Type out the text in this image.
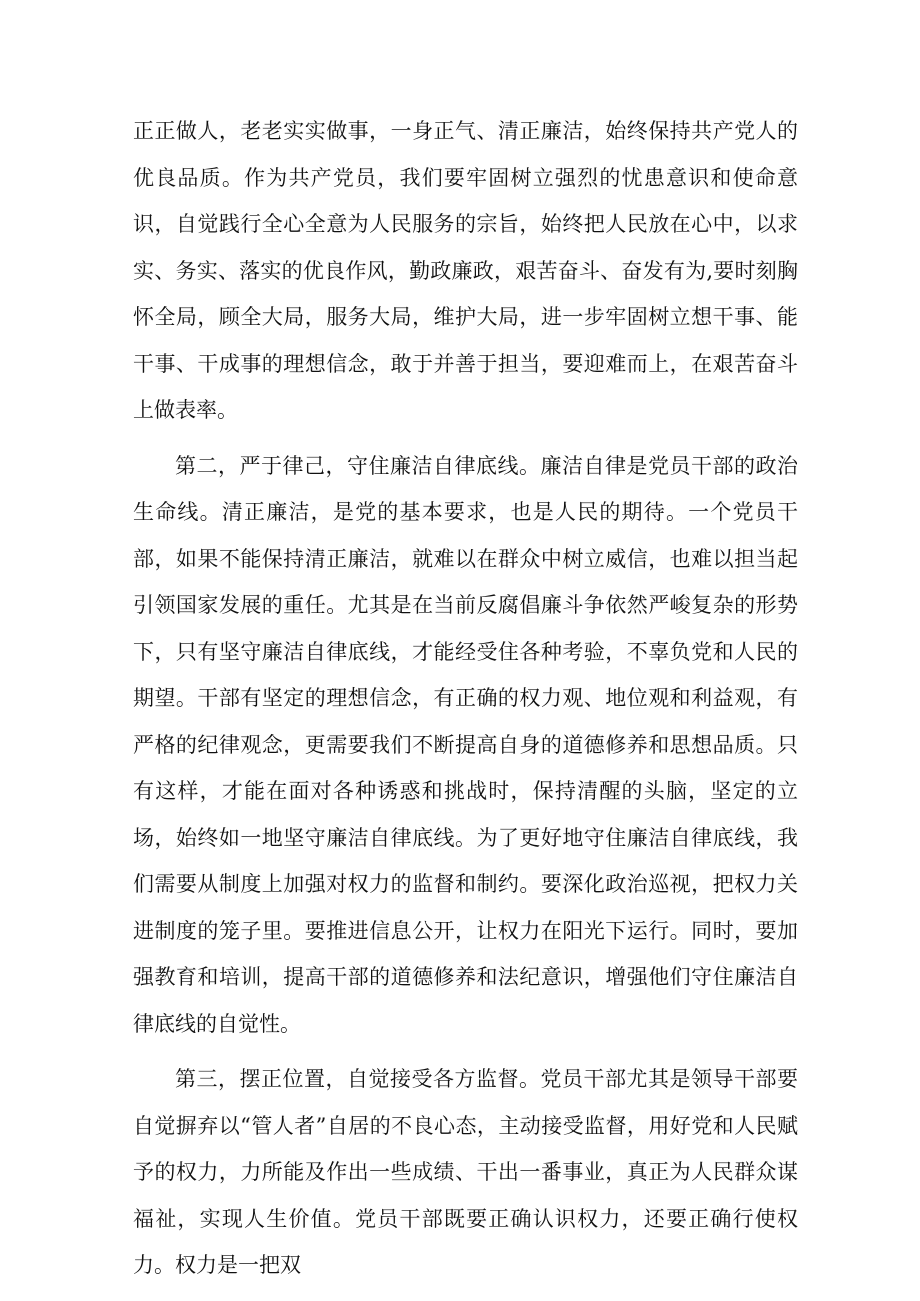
正正做人，老老实实做事，一身正气、清正廉洁，始终保持共产党人的优良品质。作为共产党员，我们要牢固树立强烈的忧患意识和使命意识，自觉践行全心全意为人民服务的宗旨，始终把人民放在心中，以求实、务实、落实的优良作风，勤政廉政，艰苦奋斗、奋发有为,要时刻胸怀全局，顾全大局，服务大局，维护大局，进一步牢固树立想干事、能干事、干成事的理想信念，敢于并善于担当，要迎难而上，在艰苦奋斗上做表率。

第二，严于律己，守住廉洁自律底线。廉洁自律是党员干部的政治生命线。清正廉洁，是党的基本要求，也是人民的期待。一个党员干部，如果不能保持清正廉洁，就难以在群众中树立威信，也难以担当起引领国家发展的重任。尤其是在当前反腐倡廉斗争依然严峻复杂的形势下，只有坚守廉洁自律底线，才能经受住各种考验，不辜负党和人民的期望。干部有坚定的理想信念，有正确的权力观、地位观和利益观，有严格的纪律观念，更需要我们不断提高自身的道德修养和思想品质。只有这样，才能在面对各种诱惑和挑战时，保持清醒的头脑，坚定的立场，始终如一地坚守廉洁自律底线。为了更好地守住廉洁自律底线，我们需要从制度上加强对权力的监督和制约。要深化政治巡视，把权力关进制度的笼子里。要推进信息公开，让权力在阳光下运行。同时，要加强教育和培训，提高干部的道德修养和法纪意识，增强他们守住廉洁自律底线的自觉性。

第三，摆正位置，自觉接受各方监督。党员干部尤其是领导干部要自觉摒弃以“管人者”自居的不良心态，主动接受监督，用好党和人民赋予的权力，力所能及作出一些成绩、干出一番事业，真正为人民群众谋福祉，实现人生价值。党员干部既要正确认识权力，还要正确行使权力。权力是一把双
